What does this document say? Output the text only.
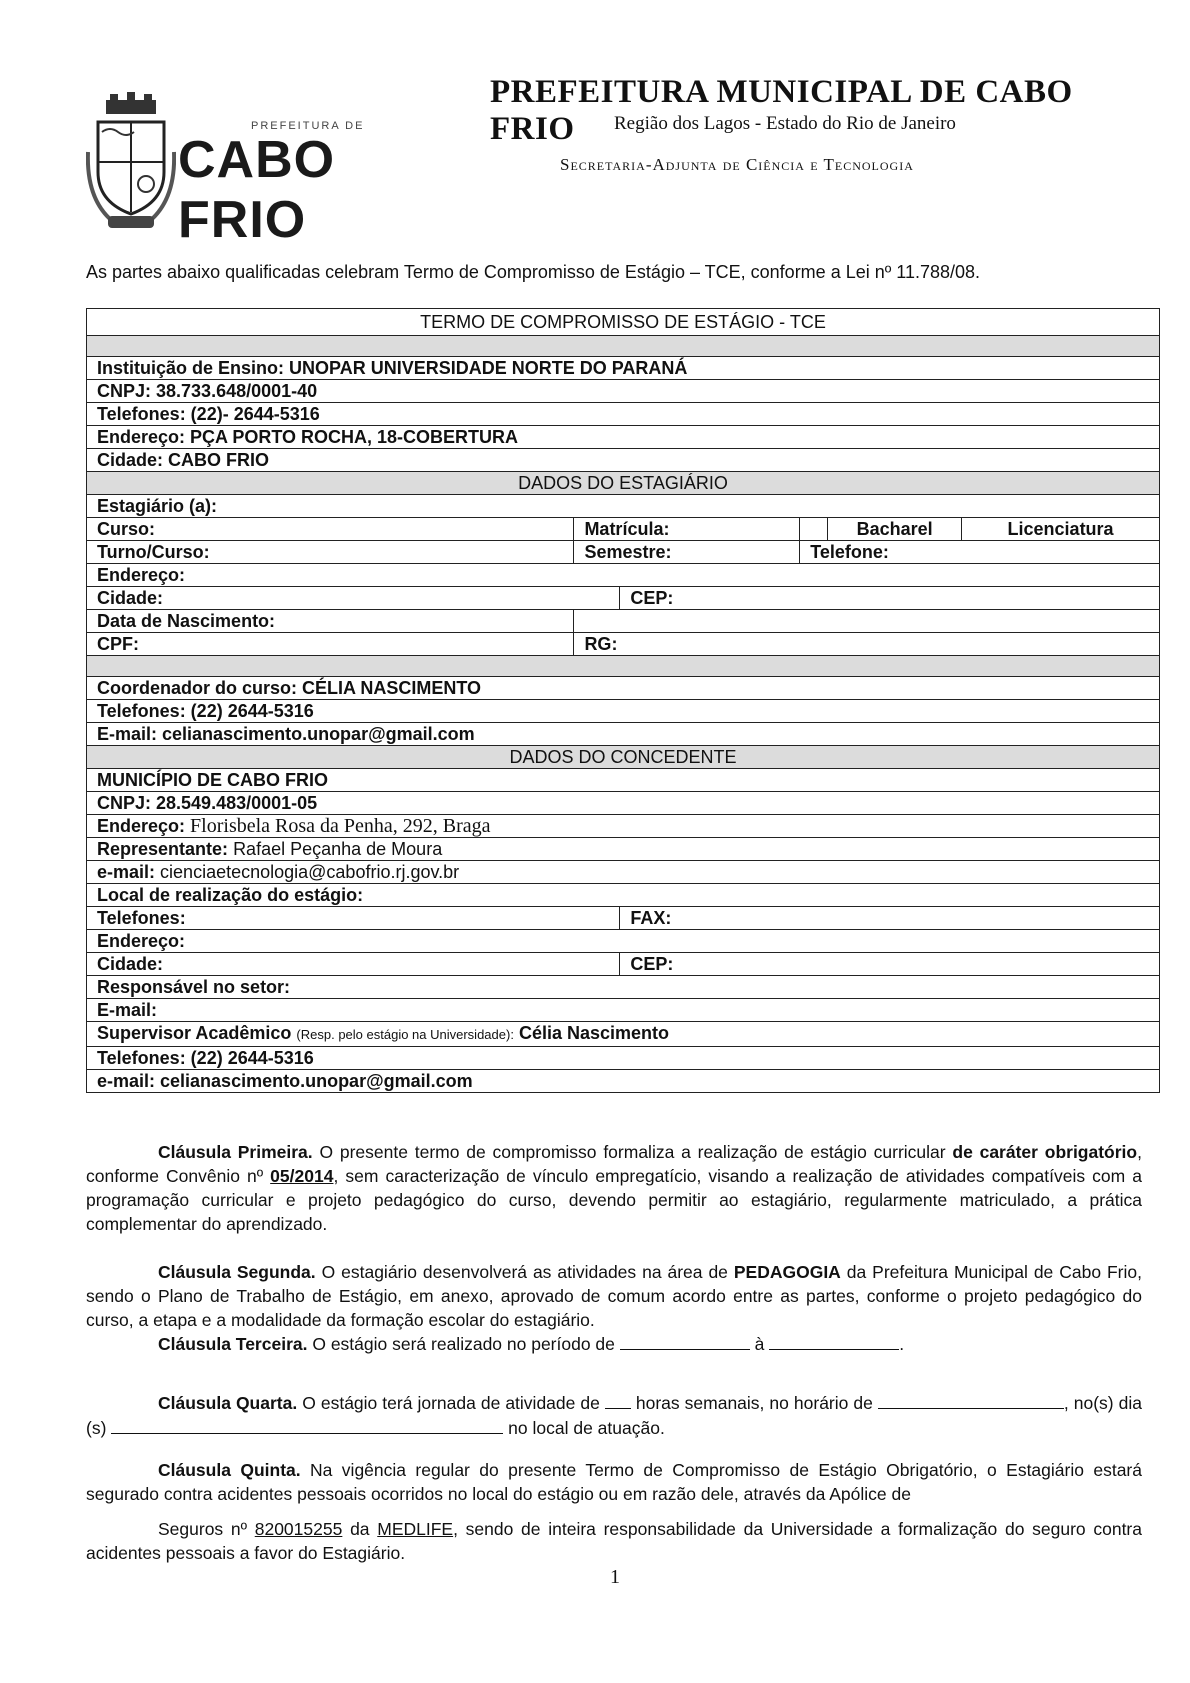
PREFEITURA DE
CABO FRIO
PREFEITURA MUNICIPAL DE CABO FRIO	Região dos Lagos - Estado do Rio de Janeiro
Secretaria-Adjunta de Ciência e Tecnologia
As partes abaixo qualificadas celebram Termo de Compromisso de Estágio – TCE, conforme a Lei nº 11.788/08.
TERMO DE COMPROMISSO DE ESTÁGIO - TCE					

Instituição de Ensino: UNOPAR UNIVERSIDADE NORTE DO PARANÁ					
CNPJ: 38.733.648/0001-40					
Telefones: (22)- 2644-5316					
Endereço: PÇA PORTO ROCHA, 18-COBERTURA					
Cidade: CABO FRIO					
DADOS DO ESTAGIÁRIO					
Estagiário (a):					
Curso:	Matrícula:			Bacharel	Licenciatura
Turno/Curso:	Semestre:		Telefone:		
Endereço:					
Cidade:		CEP:			
Data de Nascimento:					
CPF:	RG:				

Coordenador do curso: CÉLIA NASCIMENTO					
Telefones: (22) 2644-5316					
E-mail: celianascimento.unopar@gmail.com					
DADOS DO CONCEDENTE					
MUNICÍPIO DE CABO FRIO					
CNPJ: 28.549.483/0001-05					
Endereço: Florisbela Rosa da Penha, 292, Braga					
Representante: Rafael Peçanha de Moura					
e-mail: cienciaetecnologia@cabofrio.rj.gov.br					
Local de realização do estágio:					
Telefones:		FAX:			
Endereço:					
Cidade:		CEP:			
Responsável no setor:					
E-mail:					
Supervisor Acadêmico (Resp. pelo estágio na Universidade): Célia Nascimento					
Telefones: (22) 2644-5316					
e-mail: celianascimento.unopar@gmail.com					
Cláusula Primeira. O presente termo de compromisso formaliza a realização de estágio curricular de caráter obrigatório, conforme Convênio nº 05/2014, sem caracterização de vínculo empregatício, visando a realização de atividades compatíveis com a programação curricular e projeto pedagógico do curso, devendo permitir ao estagiário, regularmente matriculado, a prática complementar do aprendizado.
Cláusula Segunda. O estagiário desenvolverá as atividades na área de PEDAGOGIA da Prefeitura Municipal de Cabo Frio, sendo o Plano de Trabalho de Estágio, em anexo, aprovado de comum acordo entre as partes, conforme o projeto pedagógico do curso, a etapa e a modalidade da formação escolar do estagiário.
Cláusula Terceira. O estágio será realizado no período de	à	.
Cláusula Quarta. O estágio terá jornada de atividade de horas semanais, no horário de	, no(s) dia (s)	no local de atuação.
Cláusula Quinta. Na vigência regular do presente Termo de Compromisso de Estágio Obrigatório, o Estagiário estará segurado contra acidentes pessoais ocorridos no local do estágio ou em razão dele, através da Apólice de
Seguros nº 820015255 da MEDLIFE, sendo de inteira responsabilidade da Universidade a formalização do seguro contra acidentes pessoais a favor do Estagiário.
1
